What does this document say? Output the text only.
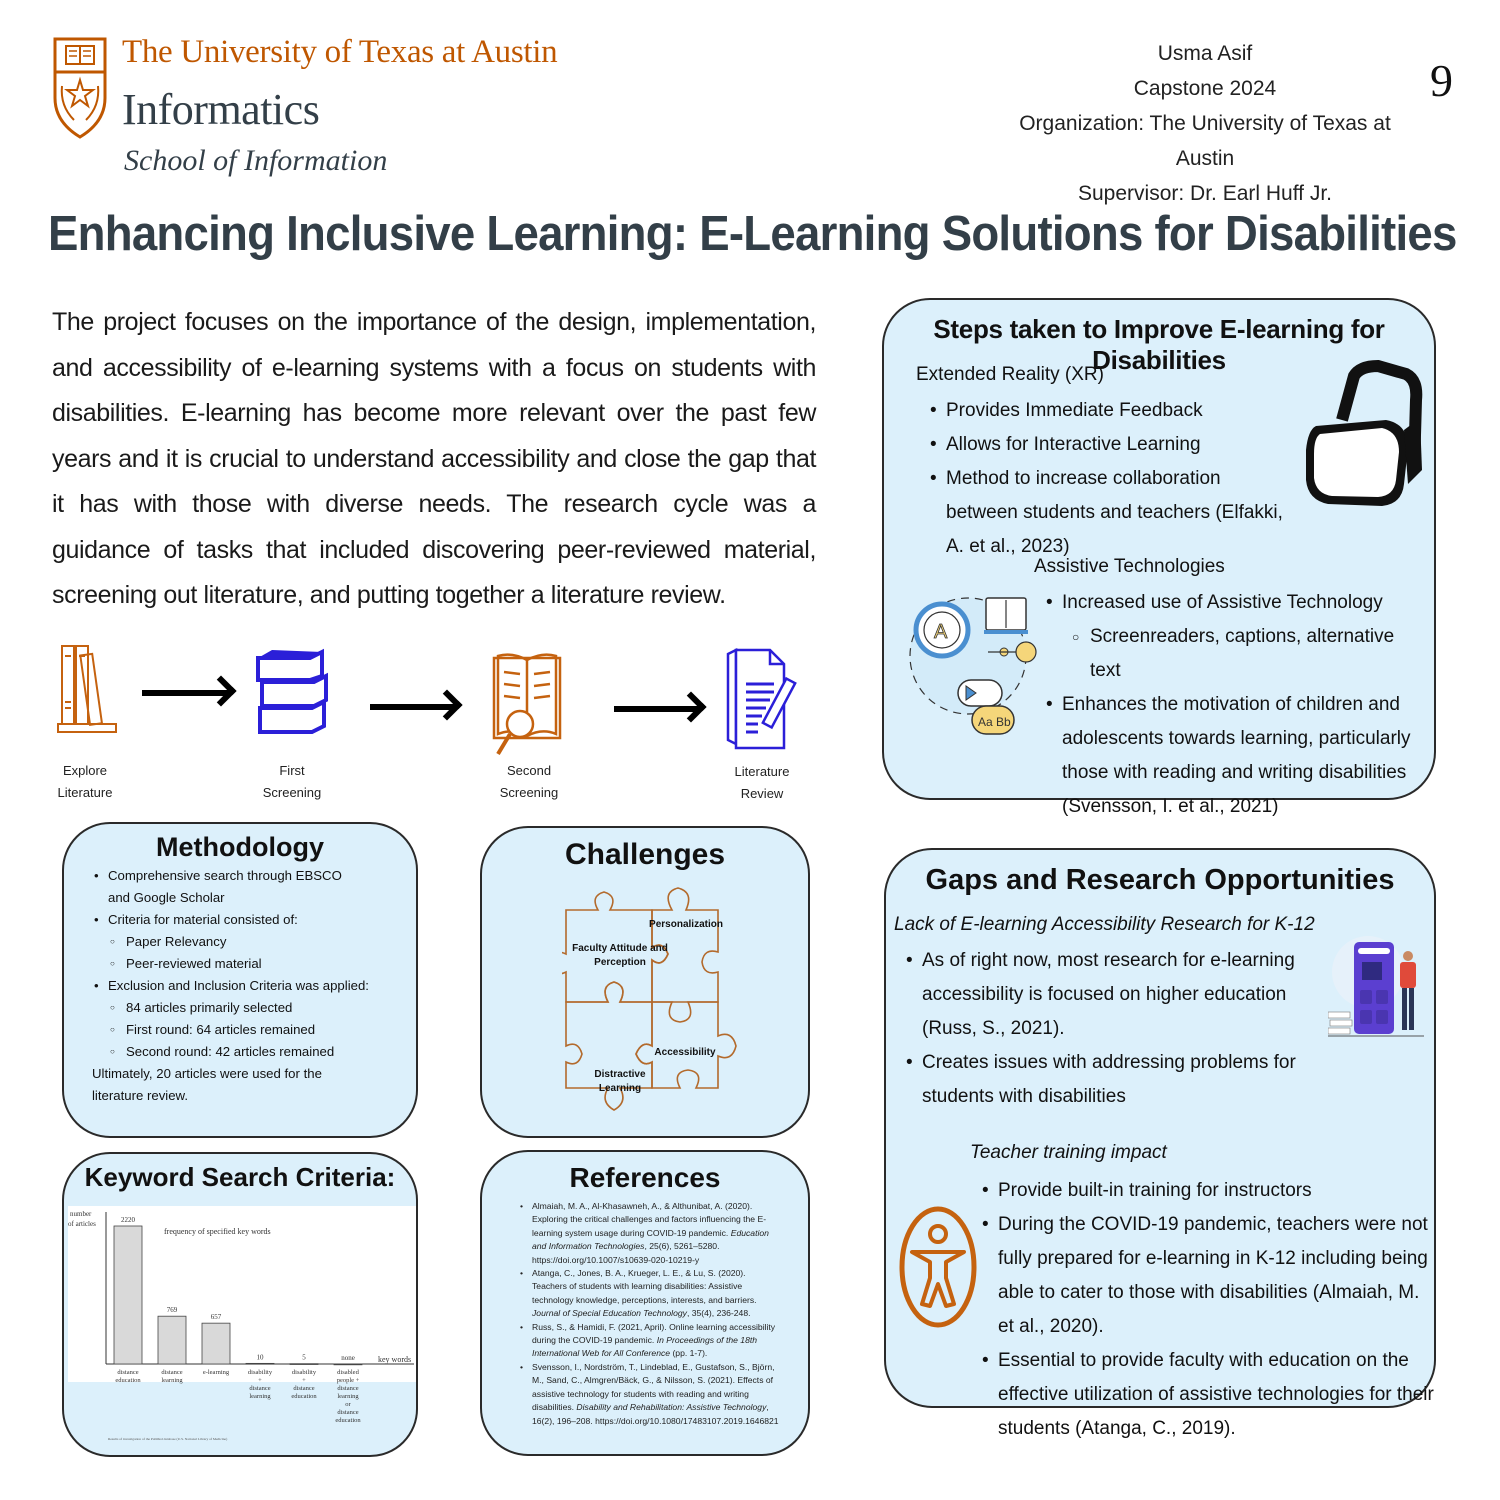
The University of Texas at Austin
Informatics
School of Information
Usma Asif
Capstone 2024
Organization: The University of Texas at Austin
Supervisor: Dr. Earl Huff Jr.
9
Enhancing Inclusive Learning: E-Learning Solutions for Disabilities

The project focuses on the importance of the design, implementation, and accessibility of e-learning systems with a focus on students with disabilities. E-learning has become more relevant over the past few years and it is crucial to understand accessibility and close the gap that it has with those with diverse needs. The research cycle was a guidance of tasks that included discovering peer-reviewed material, screening out literature, and putting together a literature review.

Explore
Literature
First
Screening
Second
Screening
Literature
Review
Methodology
• Comprehensive search through EBSCO and Google Scholar
• Criteria for material consisted of:
○ Paper Relevancy
○ Peer-reviewed material
• Exclusion and Inclusion Criteria was applied:
○ 84 articles primarily selected
○ First round: 64 articles remained
○ Second round: 42 articles remained

Ultimately, 20 articles were used for the literature review.

Challenges
Faculty Attitude and Perception
Personalization
Distractive Learning
Accessibility
Keyword Search Criteria:
number
of articles
frequency of specified key words
2220
distance
education
769
distance
learning
657
e-learning
10
disability
+
distance
learning
5
disability
+
distance
education
none
disabled
people +
distance
learning
or
distance
education
key words
Results of investigation of the PubMed database (U.S. National Library of Medicine)
References
• Almaiah, M. A., Al-Khasawneh, A., & Althunibat, A. (2020). Exploring the critical challenges and factors influencing the E-learning system usage during COVID-19 pandemic. Education and Information Technologies, 25(6), 5261–5280. https://doi.org/10.1007/s10639-020-10219-y
• Atanga, C., Jones, B. A., Krueger, L. E., & Lu, S. (2020). Teachers of students with learning disabilities: Assistive technology knowledge, perceptions, interests, and barriers. Journal of Special Education Technology, 35(4), 236-248.
• Russ, S., & Hamidi, F. (2021, April). Online learning accessibility during the COVID-19 pandemic. In Proceedings of the 18th International Web for All Conference (pp. 1-7).
• Svensson, I., Nordström, T., Lindeblad, E., Gustafson, S., Björn, M., Sand, C., Almgren/Bäck, G., & Nilsson, S. (2021). Effects of assistive technology for students with reading and writing disabilities. Disability and Rehabilitation: Assistive Technology, 16(2), 196–208. https://doi.org/10.1080/17483107.2019.1646821
Steps taken to Improve E-learning for Disabilities
Extended Reality (XR)
• Provides Immediate Feedback
• Allows for Interactive Learning
• Method to increase collaboration between students and teachers (Elfakki, A. et al., 2023)
A
Aa Bb
Assistive Technologies
• Increased use of Assistive Technology
○ Screenreaders, captions, alternative text
• Enhances the motivation of children and adolescents towards learning, particularly those with reading and writing disabilities (Svensson, I. et al., 2021)
Gaps and Research Opportunities
Lack of E-learning Accessibility Research for K-12
• As of right now, most research for e-learning accessibility is focused on higher education (Russ, S., 2021).
• Creates issues with addressing problems for students with disabilities
Teacher training impact
• Provide built-in training for instructors
• During the COVID-19 pandemic, teachers were not fully prepared for e-learning in K-12 including being able to cater to those with disabilities (Almaiah, M. et al., 2020).
• Essential to provide faculty with education on the effective utilization of assistive technologies for their students (Atanga, C., 2019).
